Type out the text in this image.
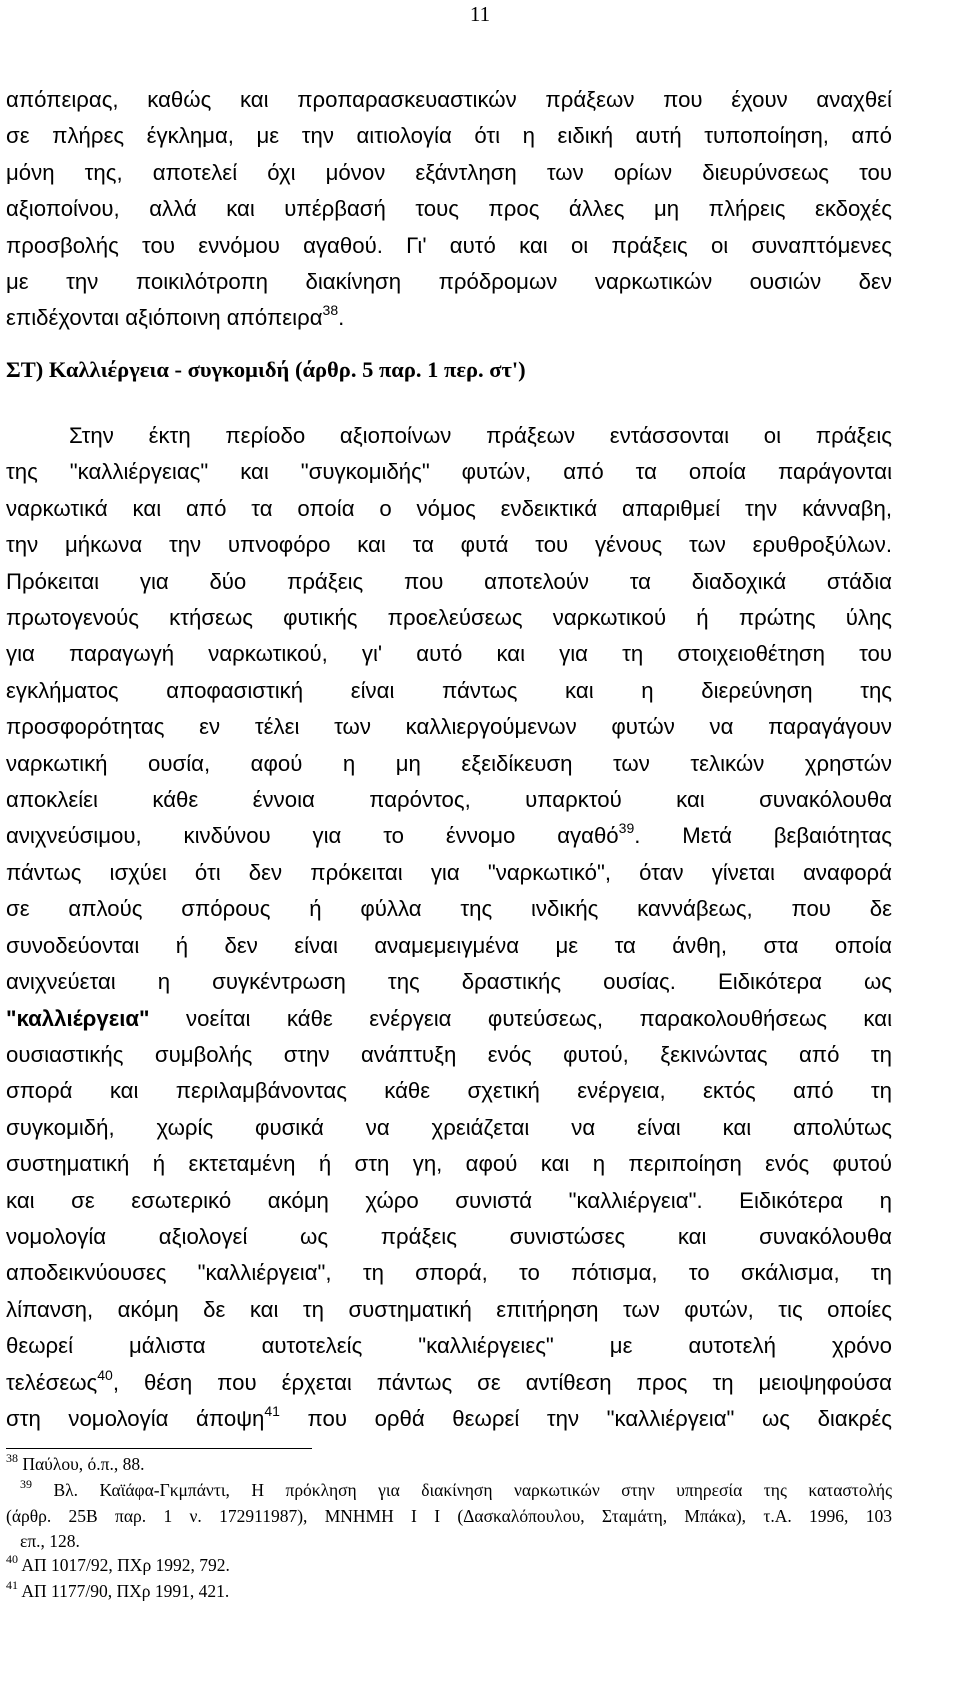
11
απόπειρας, καθώς και προπαρασκευαστικών πράξεων που έχουν αναχθεί
σε πλήρες έγκλημα, με την αιτιολογία ότι η ειδική αυτή τυποποίηση, από
μόνη της, αποτελεί όχι μόνον εξάντληση των ορίων διευρύνσεως του
αξιοποίνου, αλλά και υπέρβασή τους προς άλλες μη πλήρεις εκδοχές
προσβολής του εννόμου αγαθού. Γι' αυτό και οι πράξεις οι συναπτόμενες
με την ποικιλότροπη διακίνηση πρόδρομων ναρκωτικών ουσιών δεν
επιδέχονται αξιόποινη απόπειρα$^{38}$.
ΣΤ) Καλλιέργεια - συγκομιδή (άρθρ. 5 παρ. 1 περ. στ')
Στην έκτη περίοδο αξιοποίνων πράξεων εντάσσονται οι πράξεις
της "καλλιέργειας" και "συγκομιδής" φυτών, από τα οποία παράγονται
ναρκωτικά και από τα οποία ο νόμος ενδεικτικά απαριθμεί την κάνναβη,
την μήκωνα την υπνοφόρο και τα φυτά του γένους των ερυθροξύλων.
Πρόκειται για δύο πράξεις που αποτελούν τα διαδοχικά στάδια
πρωτογενούς κτήσεως φυτικής προελεύσεως ναρκωτικού ή πρώτης ύλης
για παραγωγή ναρκωτικού, γι' αυτό και για τη στοιχειοθέτηση του
εγκλήματος αποφασιστική είναι πάντως και η διερεύνηση της
προσφορότητας εν τέλει των καλλιεργούμενων φυτών να παραγάγουν
ναρκωτική ουσία, αφού η μη εξειδίκευση των τελικών χρηστών
αποκλείει κάθε έννοια παρόντος, υπαρκτού και συνακόλουθα
ανιχνεύσιμου, κινδύνου για το έννομο αγαθό$^{39}$. Μετά βεβαιότητας
πάντως ισχύει ότι δεν πρόκειται για "ναρκωτικό", όταν γίνεται αναφορά
σε απλούς σπόρους ή φύλλα της ινδικής καννάβεως, που δε
συνοδεύονται ή δεν είναι αναμεμειγμένα με τα άνθη, στα οποία
ανιχνεύεται η συγκέντρωση της δραστικής ουσίας. Ειδικότερα ως
"καλλιέργεια" νοείται κάθε ενέργεια φυτεύσεως, παρακολουθήσεως και
ουσιαστικής συμβολής στην ανάπτυξη ενός φυτού, ξεκινώντας από τη
σπορά και περιλαμβάνοντας κάθε σχετική ενέργεια, εκτός από τη
συγκομιδή, χωρίς φυσικά να χρειάζεται να είναι και απολύτως
συστηματική ή εκτεταμένη ή στη γη, αφού και η περιποίηση ενός φυτού
και σε εσωτερικό ακόμη χώρο συνιστά "καλλιέργεια". Ειδικότερα η
νομολογία αξιολογεί ως πράξεις συνιστώσες και συνακόλουθα
αποδεικνύουσες "καλλιέργεια", τη σπορά, το πότισμα, το σκάλισμα, τη
λίπανση, ακόμη δε και τη συστηματική επιτήρηση των φυτών, τις οποίες
θεωρεί μάλιστα αυτοτελείς "καλλιέργειες" με αυτοτελή χρόνο
τελέσεως$^{40}$, θέση που έρχεται πάντως σε αντίθεση προς τη μειοψηφούσα
στη νομολογία άποψη$^{41}$ που ορθά θεωρεί την "καλλιέργεια" ως διακρές
$^{38}$ Παύλου, ό.π., 88.
$^{39}$ Βλ. Καϊάφα-Γκμπάντι, Η πρόκληση για διακίνηση ναρκωτικών στην υπηρεσία της καταστολής
(άρθρ. 25Β παρ. 1 ν. 172911987), ΜΝΗΜΗ Ι Ι (Δασκαλόπουλου, Σταμάτη, Μπάκα), τ.Α. 1996, 103
επ., 128.
$^{40}$ ΑΠ 1017/92, ΠΧρ 1992, 792.
$^{41}$ ΑΠ 1177/90, ΠΧρ 1991, 421.
